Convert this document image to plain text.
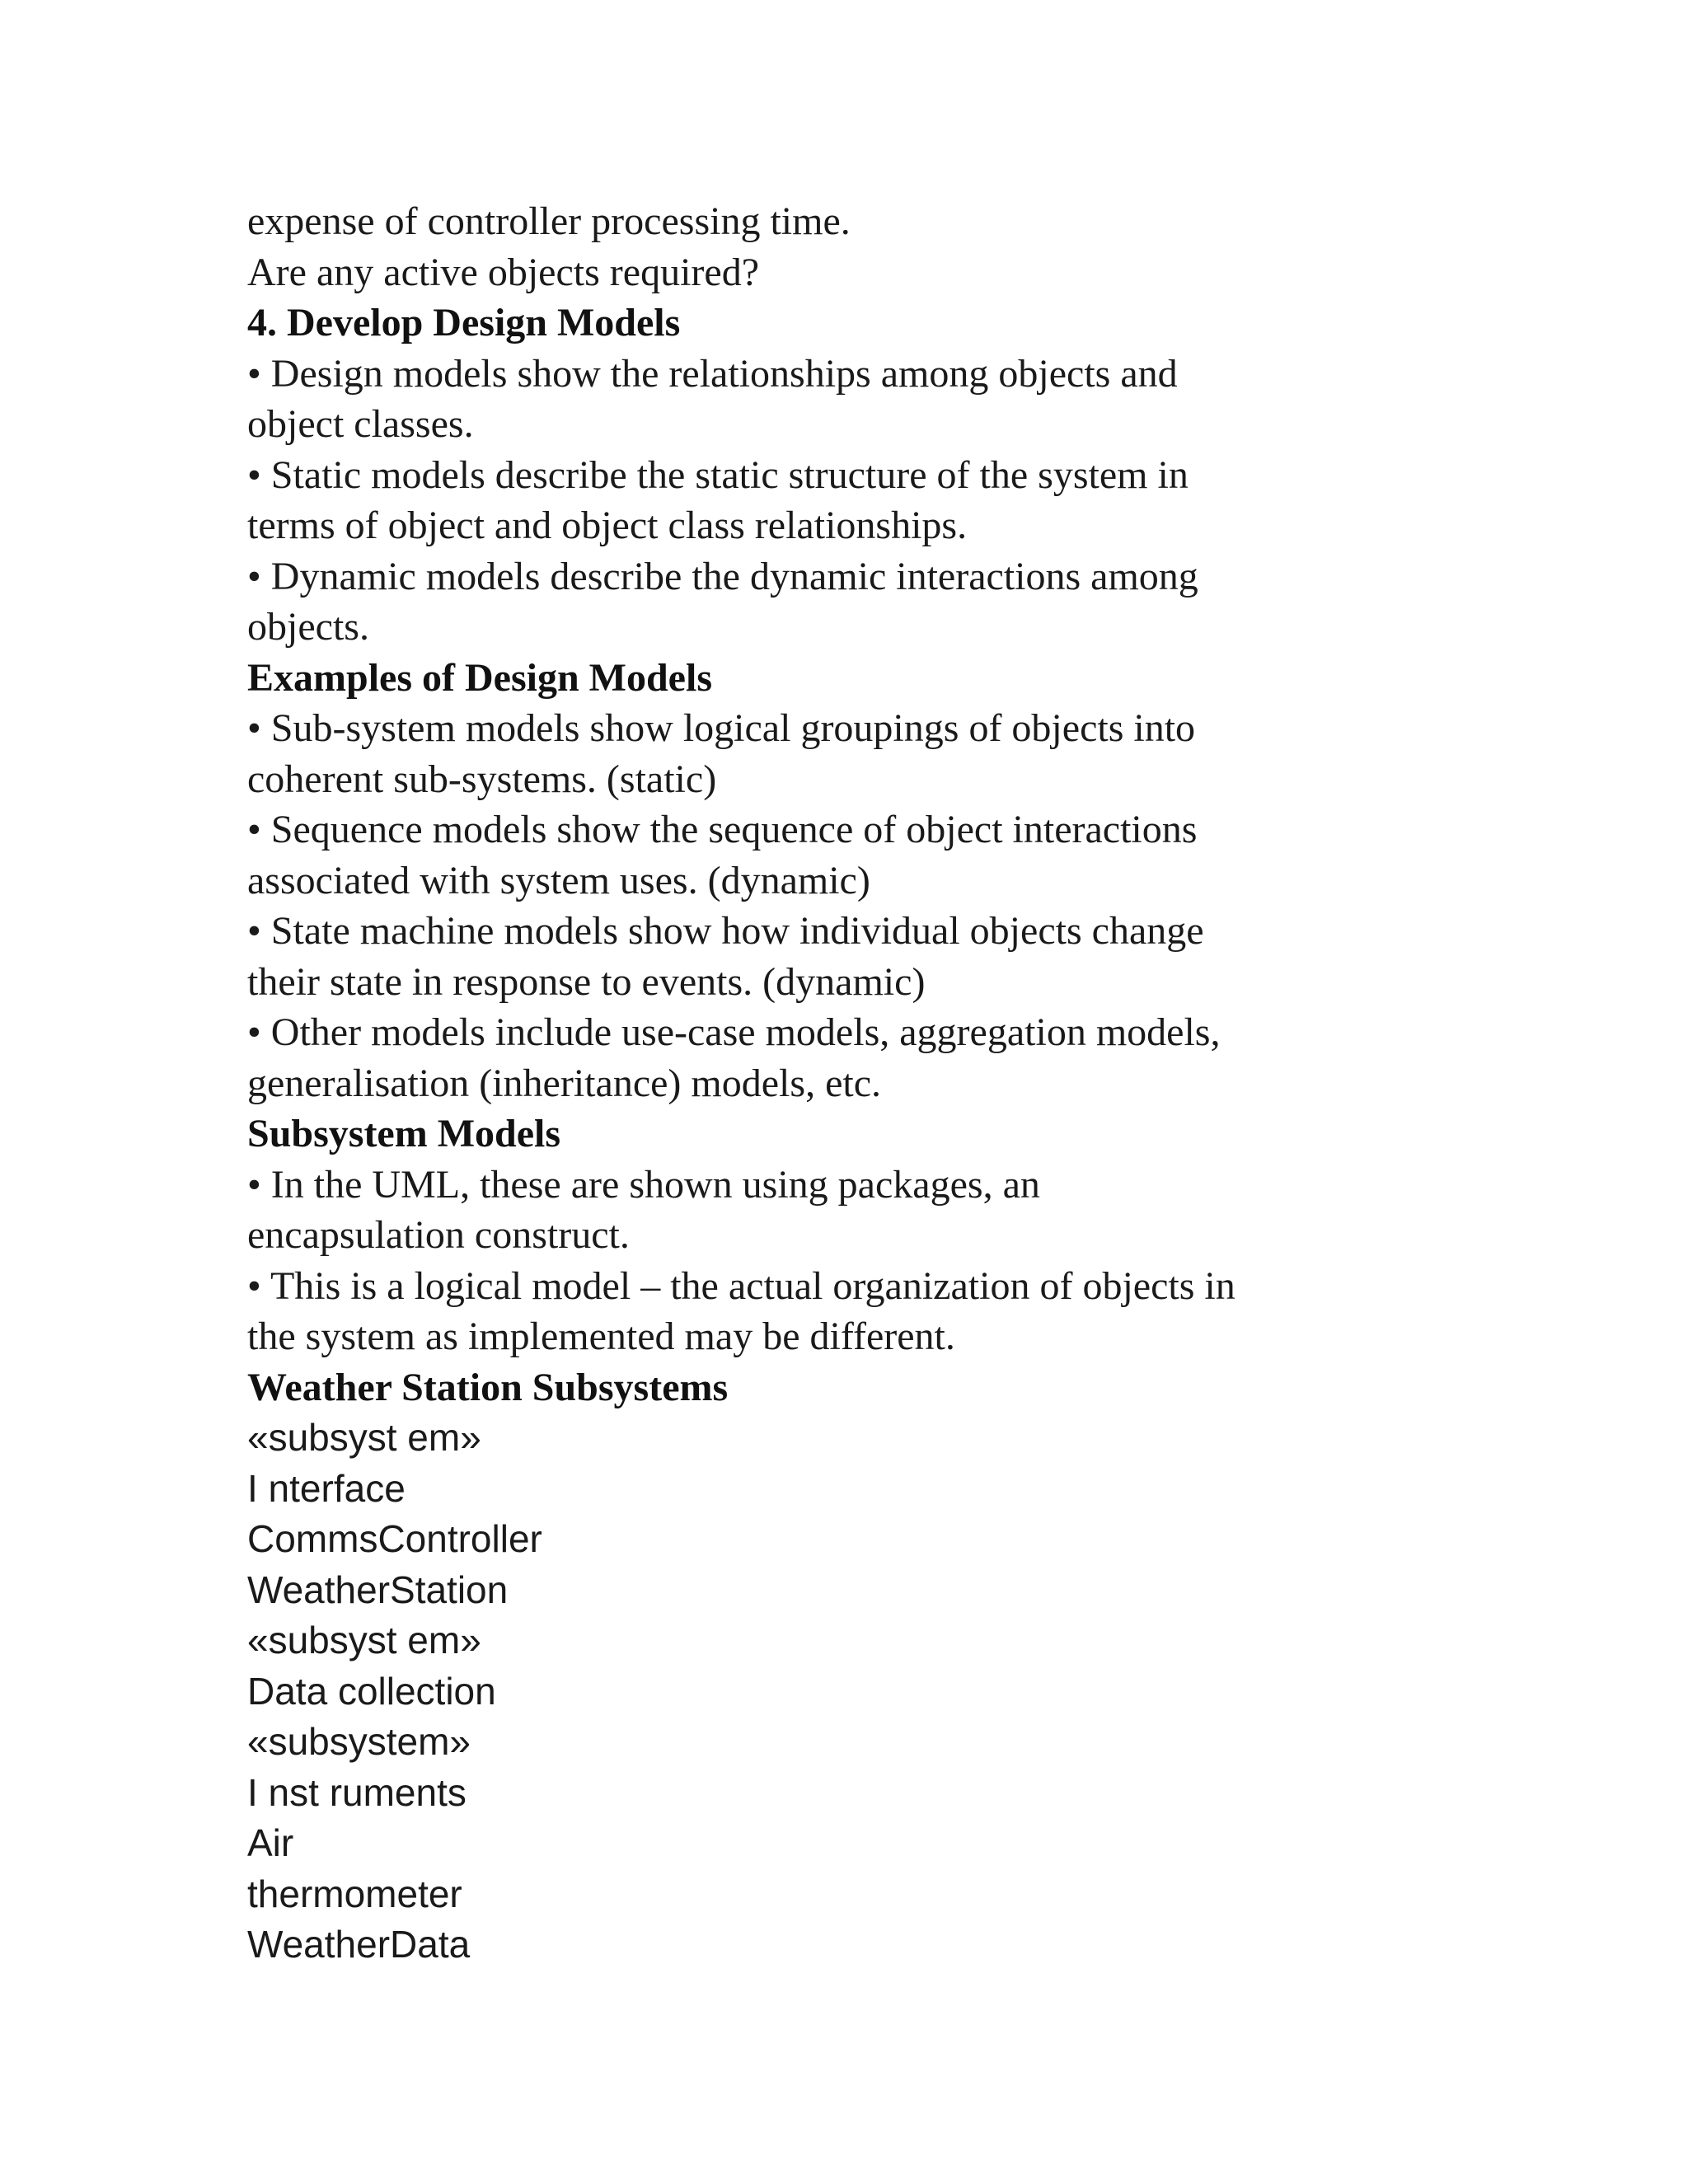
expense of controller processing time.

Are any active objects required?

4. Develop Design Models

• Design models show the relationships among objects and

object classes.

• Static models describe the static structure of the system in

terms of object and object class relationships.

• Dynamic models describe the dynamic interactions among

objects.

Examples of Design Models

• Sub-system models show logical groupings of objects into

coherent sub-systems. (static)

• Sequence models show the sequence of object interactions

associated with system uses. (dynamic)

• State machine models show how individual objects change

their state in response to events. (dynamic)

• Other models include use-case models, aggregation models,

generalisation (inheritance) models, etc.

Subsystem Models

• In the UML, these are shown using packages, an

encapsulation construct.

• This is a logical model – the actual organization of objects in

the system as implemented may be different.

Weather Station Subsystems

«subsyst em»

I nterface

CommsController

WeatherStation

«subsyst em»

Data collection

«subsystem»

I nst ruments

Air

thermometer

WeatherData
